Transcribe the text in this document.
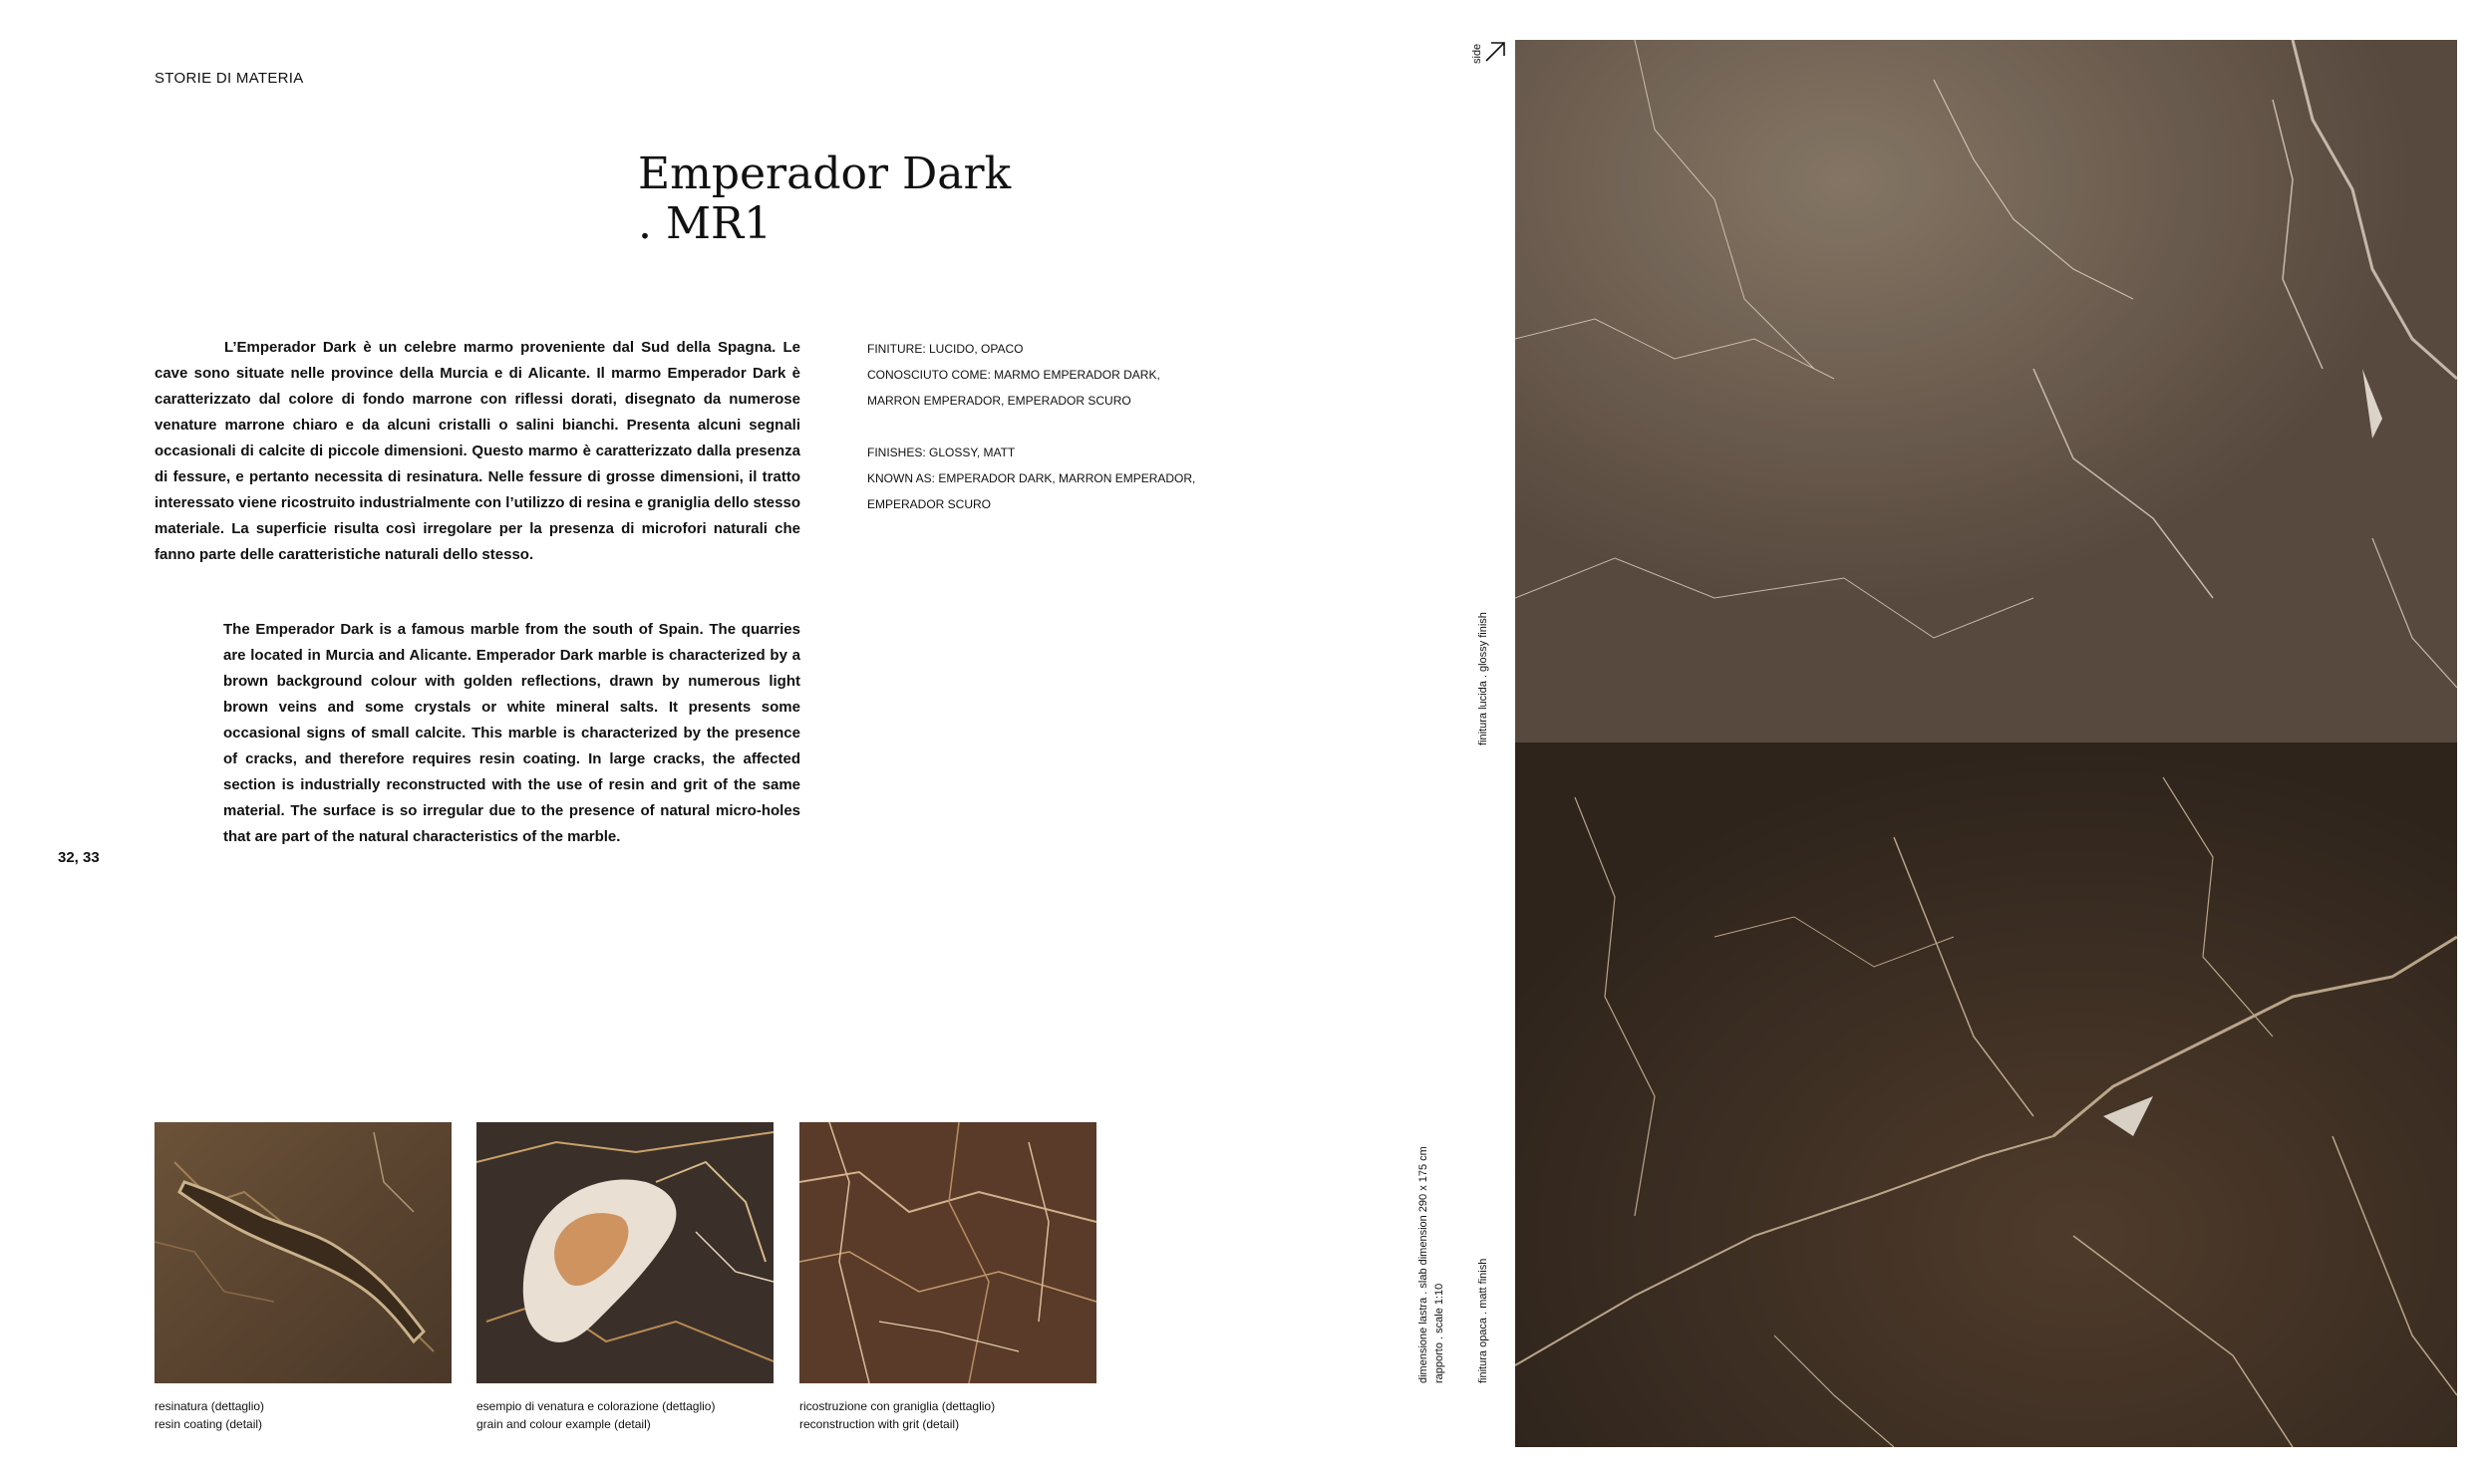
STORIE DI MATERIA
Emperador Dark
. MR1
L’Emperador Dark è un celebre marmo proveniente dal Sud della Spagna. Le cave sono situate nelle province della Murcia e di Alicante. Il marmo Emperador Dark è caratterizzato dal colore di fondo marrone con riflessi dorati, disegnato da numerose venature marrone chiaro e da alcuni cristalli o salini bianchi. Presenta alcuni segnali occasionali di calcite di piccole dimensioni. Questo marmo è caratterizzato dalla presenza di fessure, e pertanto necessita di resinatura. Nelle fessure di grosse dimensioni, il tratto interessato viene ricostruito industrialmente con l’utilizzo di resina e graniglia dello stesso materiale. La superficie risulta così irregolare per la presenza di microfori naturali che fanno parte delle caratteristiche naturali dello stesso.
The Emperador Dark is a famous marble from the south of Spain. The quarries are located in Murcia and Alicante. Emperador Dark marble is characterized by a brown background colour with golden reflections, drawn by numerous light brown veins and some crystals or white mineral salts. It presents some occasional signs of small calcite. This marble is characterized by the presence of cracks, and therefore requires resin coating. In large cracks, the affected section is industrially reconstructed with the use of resin and grit of the same material. The surface is so irregular due to the presence of natural micro-holes that are part of the natural characteristics of the marble.
FINITURE: LUCIDO, OPACO
CONOSCIUTO COME: MARMO EMPERADOR DARK,
MARRON EMPERADOR, EMPERADOR SCURO
FINISHES: GLOSSY, MATT
KNOWN AS: EMPERADOR DARK, MARRON EMPERADOR,
EMPERADOR SCURO
32, 33
resinatura (dettaglio)
resin coating (detail)
esempio di venatura e colorazione (dettaglio)
grain and colour example (detail)
ricostruzione con graniglia (dettaglio)
reconstruction with grit (detail)
dimensione lastra . slab dimension 290 x 175 cm rapporto . scale 1:10
finitura lucida . glossy finish
finitura opaca . matt finish
side
